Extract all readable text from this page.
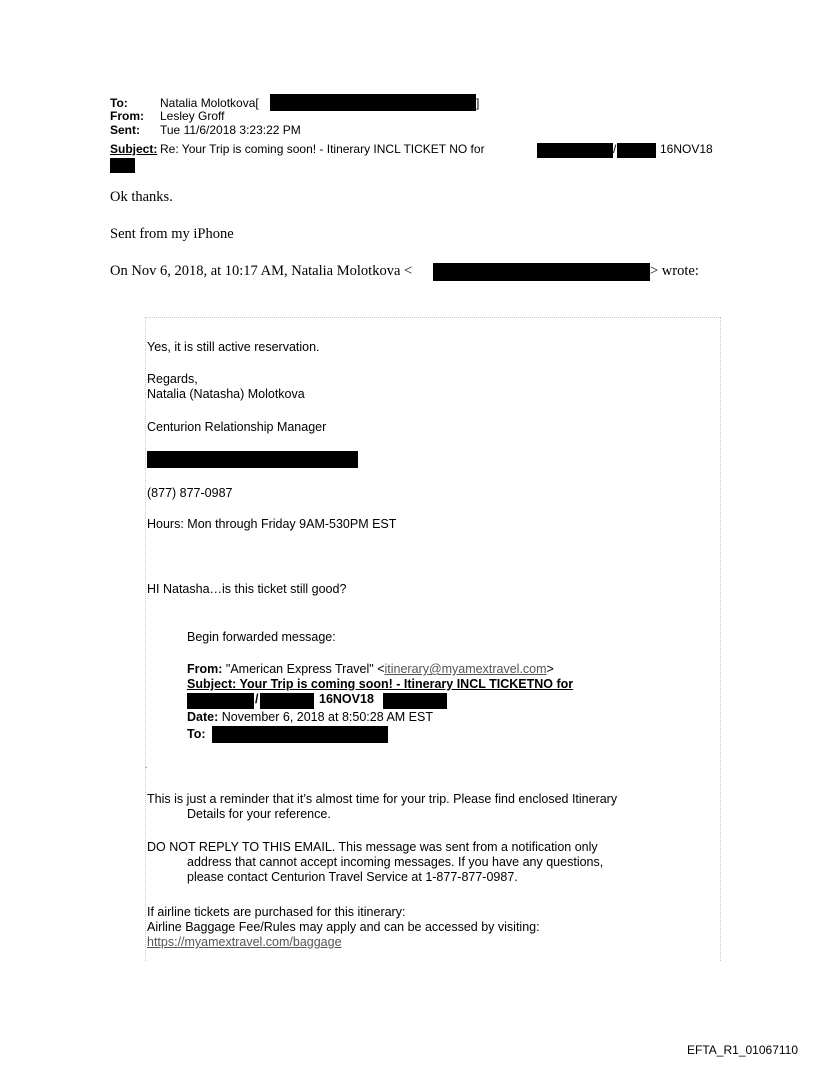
To:	Natalia Molotkova[	]
From: Lesley Groff
Sent: Tue 11/6/2018 3:23:22 PM
Subject: Re: Your Trip is coming soon! - Itinerary INCL TICKET NO for	/	16NOV18
Ok thanks.
Sent from my iPhone
On Nov 6, 2018, at 10:17 AM, Natalia Molotkova <	> wrote:
Yes, it is still active reservation.
Regards,
Natalia (Natasha) Molotkova
Centurion Relationship Manager
(877) 877-0987
Hours: Mon through Friday 9AM-530PM EST
HI Natasha…is this ticket still good?
Begin forwarded message:
From: "American Express Travel" <itinerary@myamextravel.com>
Subject: Your Trip is coming soon! - Itinerary INCL TICKETNO for
/	16NOV18
Date: November 6, 2018 at 8:50:28 AM EST
To:
.
This is just a reminder that it’s almost time for your trip. Please find enclosed Itinerary
Details for your reference.
DO NOT REPLY TO THIS EMAIL. This message was sent from a notification only
address that cannot accept incoming messages. If you have any questions,
please contact Centurion Travel Service at 1-877-877-0987.
If airline tickets are purchased for this itinerary:
Airline Baggage Fee/Rules may apply and can be accessed by visiting:
https://myamextravel.com/baggage
EFTA_R1_01067110
